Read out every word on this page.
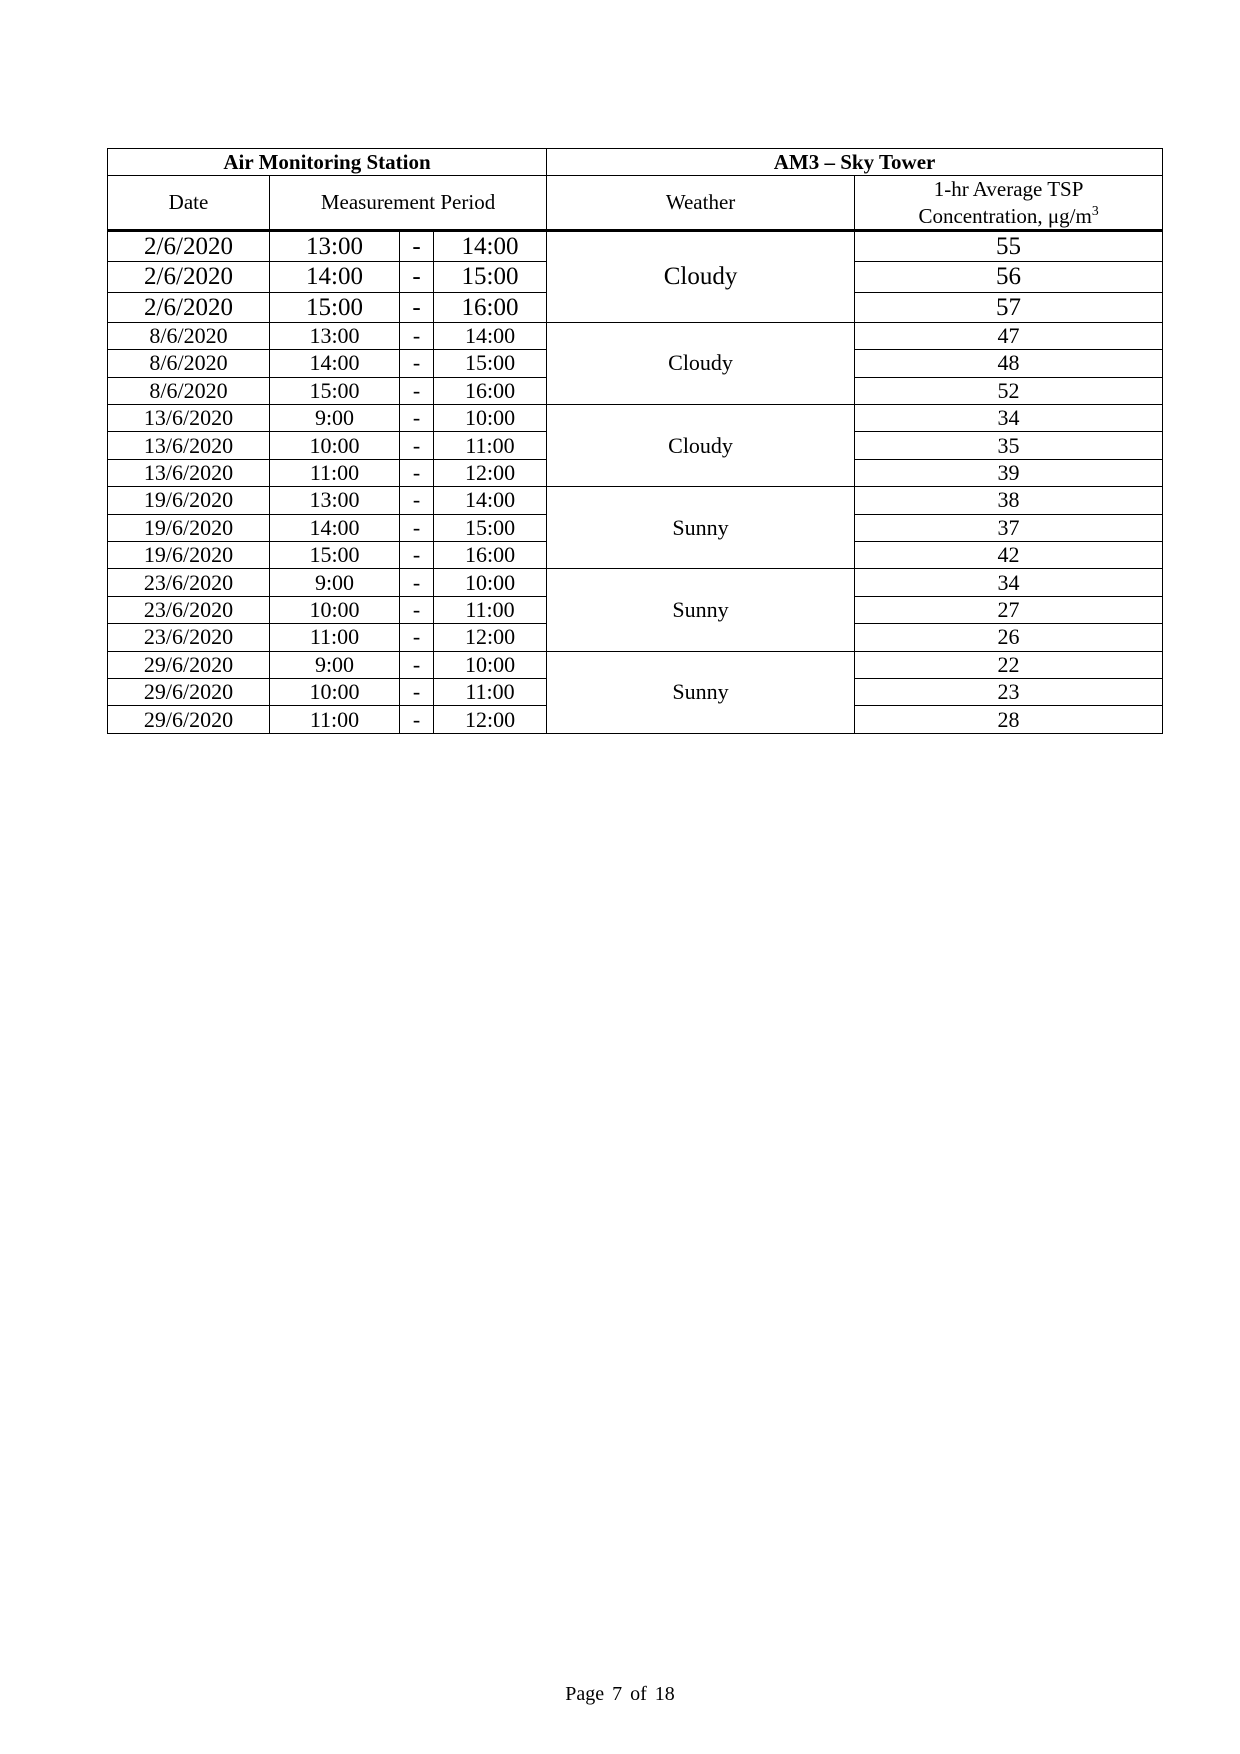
Air Monitoring Station				AM3 – Sky Tower	
Date	Measurement Period			Weather	1-hr Average TSP
Concentration, $\mu g/m^3$
2/6/2020	13:00	-	14:00	Cloudy	55
2/6/2020	14:00	-	15:00		56
2/6/2020	15:00	-	16:00		57
8/6/2020	13:00	-	14:00	Cloudy	47
8/6/2020	14:00	-	15:00		48
8/6/2020	15:00	-	16:00		52
13/6/2020	9:00	-	10:00	Cloudy	34
13/6/2020	10:00	-	11:00		35
13/6/2020	11:00	-	12:00		39
19/6/2020	13:00	-	14:00	Sunny	38
19/6/2020	14:00	-	15:00		37
19/6/2020	15:00	-	16:00		42
23/6/2020	9:00	-	10:00	Sunny	34
23/6/2020	10:00	-	11:00		27
23/6/2020	11:00	-	12:00		26
29/6/2020	9:00	-	10:00	Sunny	22
29/6/2020	10:00	-	11:00		23
29/6/2020	11:00	-	12:00		28
Page 7 of 18
